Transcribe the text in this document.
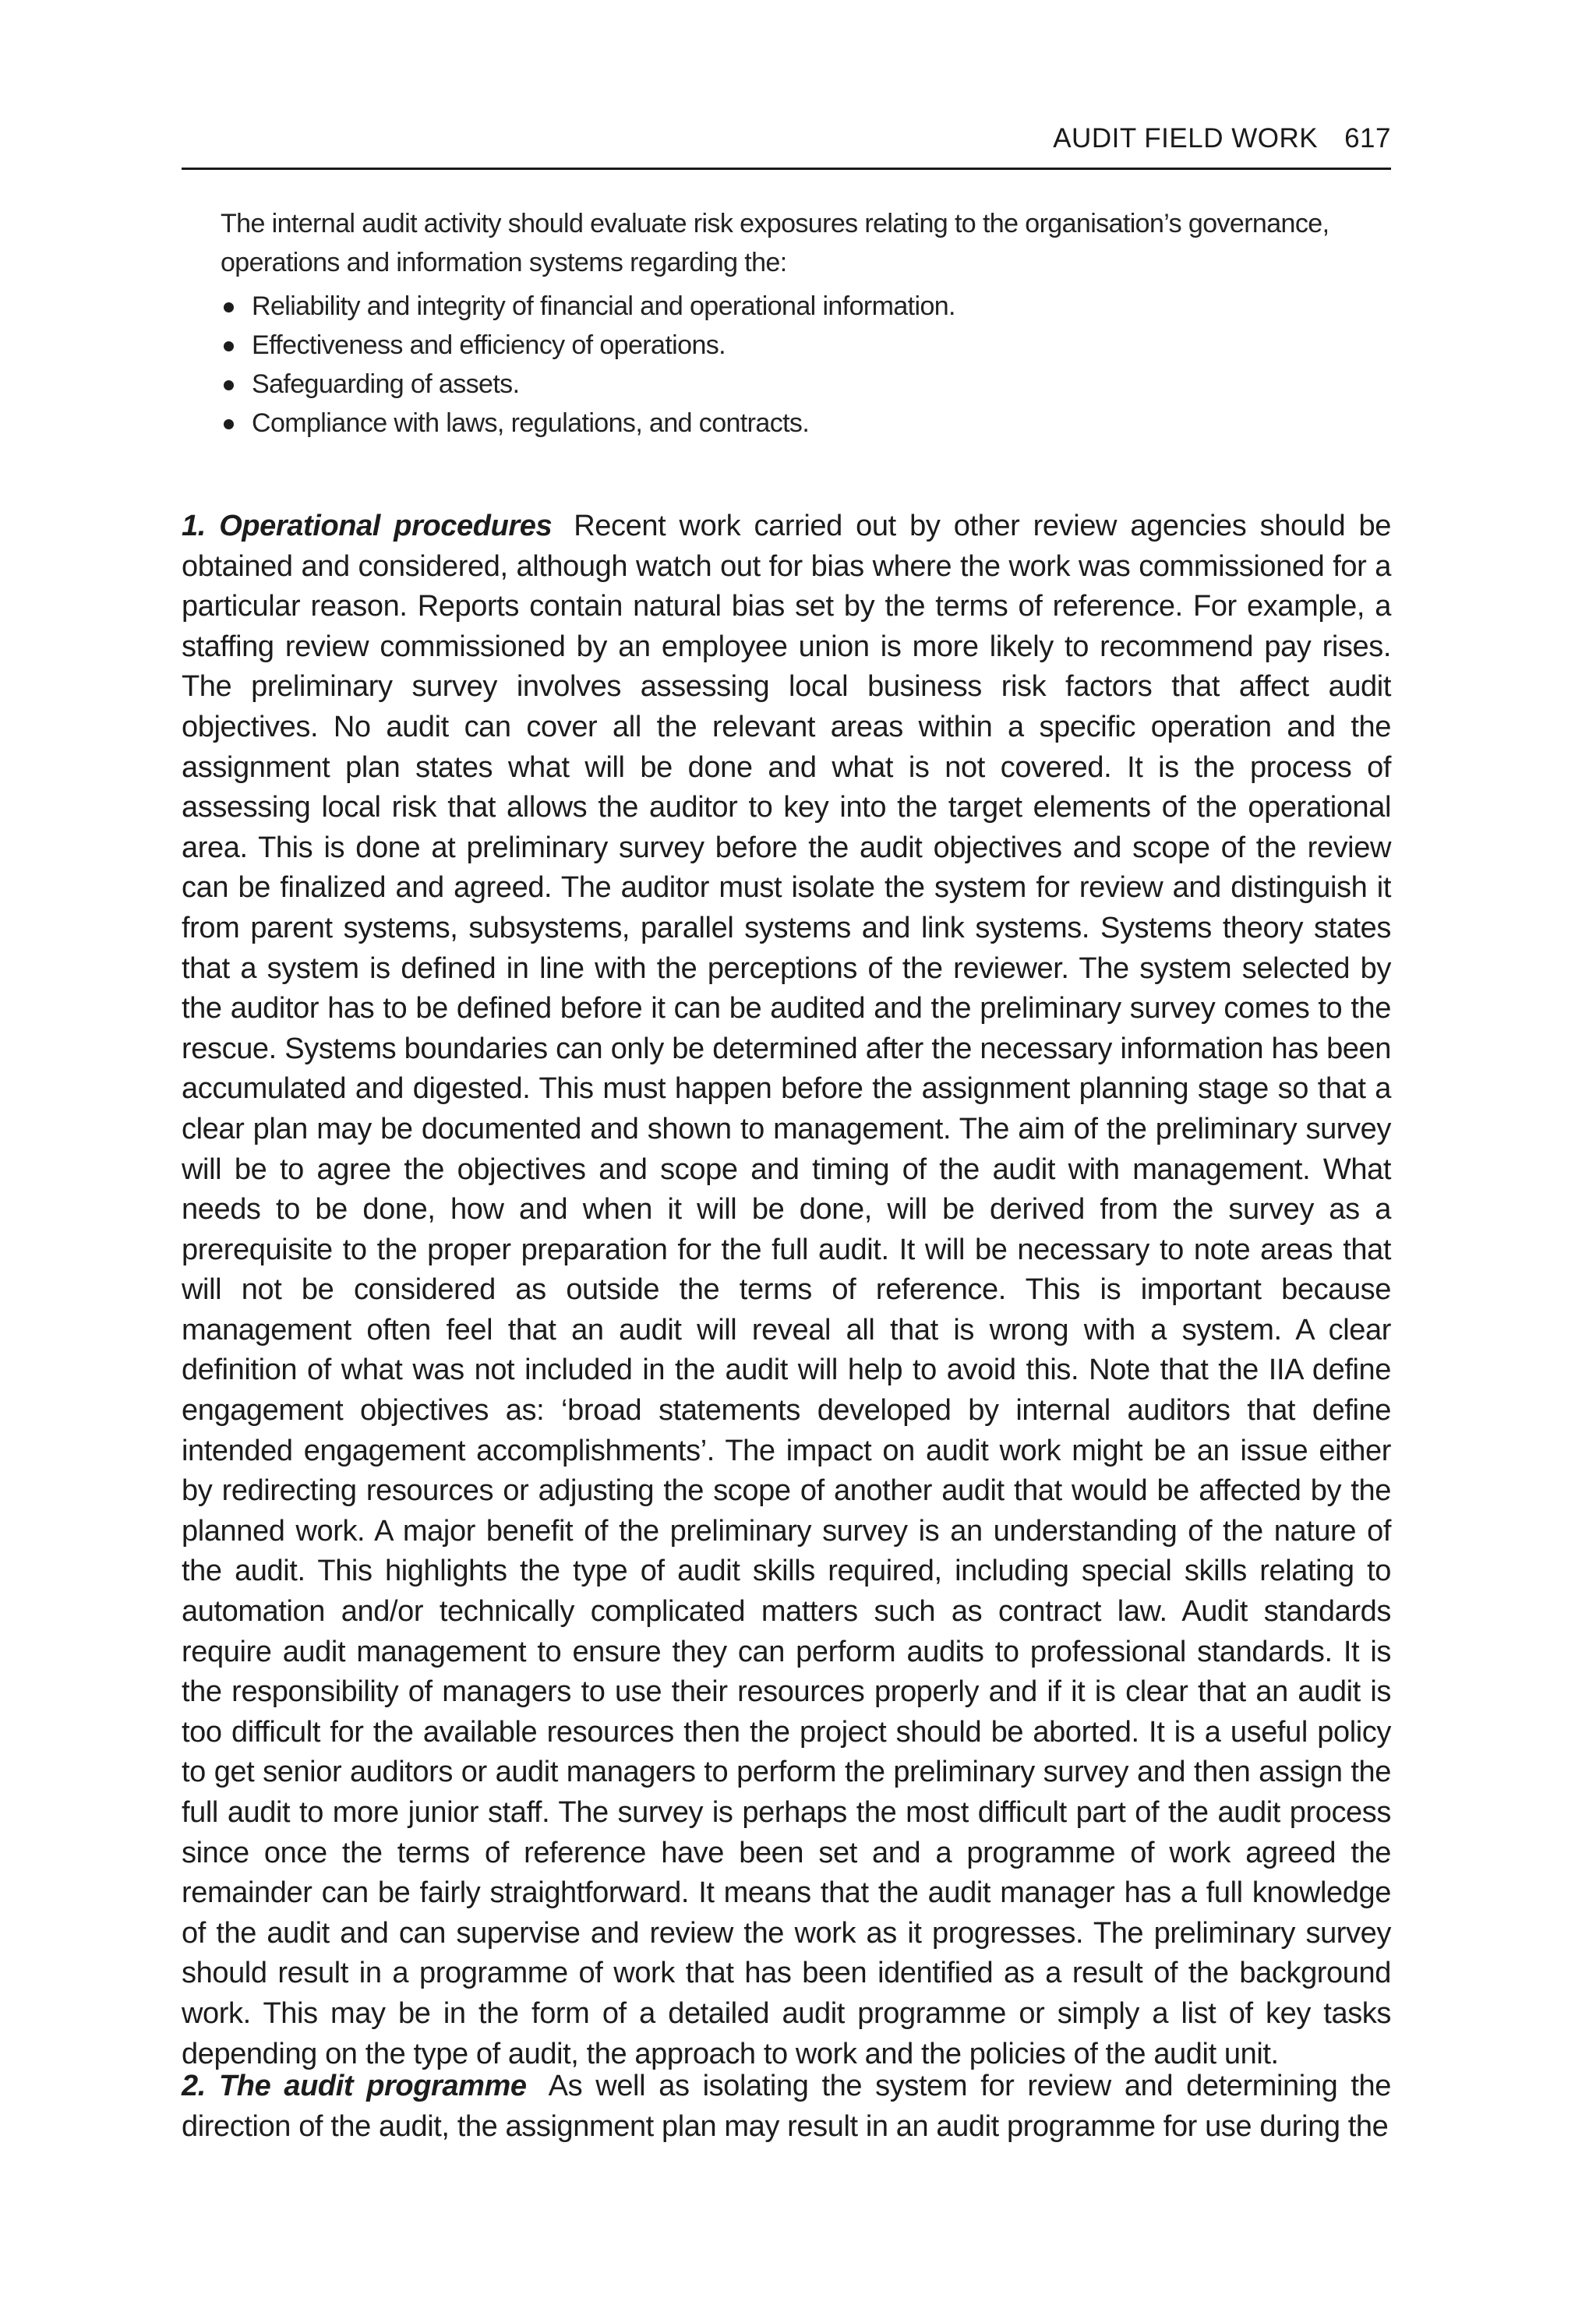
AUDIT FIELD WORK 617

The internal audit activity should evaluate risk exposures relating to the organisation’s governance, operations and information systems regarding the:

Reliability and integrity of financial and operational information.
Effectiveness and efficiency of operations.
Safeguarding of assets.
Compliance with laws, regulations, and contracts.

1. Operational procedures Recent work carried out by other review agencies should be obtained and considered, although watch out for bias where the work was commissioned for a particular reason. Reports contain natural bias set by the terms of reference. For example, a staffing review commissioned by an employee union is more likely to recommend pay rises. The preliminary survey involves assessing local business risk factors that affect audit objectives. No audit can cover all the relevant areas within a specific operation and the assignment plan states what will be done and what is not covered. It is the process of assessing local risk that allows the auditor to key into the target elements of the operational area. This is done at preliminary survey before the audit objectives and scope of the review can be finalized and agreed. The auditor must isolate the system for review and distinguish it from parent systems, subsystems, parallel systems and link systems. Systems theory states that a system is defined in line with the perceptions of the reviewer. The system selected by the auditor has to be defined before it can be audited and the preliminary survey comes to the rescue. Systems boundaries can only be determined after the necessary information has been accumulated and digested. This must happen before the assignment planning stage so that a clear plan may be documented and shown to management. The aim of the preliminary survey will be to agree the objectives and scope and timing of the audit with management. What needs to be done, how and when it will be done, will be derived from the survey as a prerequisite to the proper preparation for the full audit. It will be necessary to note areas that will not be considered as outside the terms of reference. This is important because management often feel that an audit will reveal all that is wrong with a system. A clear definition of what was not included in the audit will help to avoid this. Note that the IIA define engagement objectives as: ‘broad statements developed by internal auditors that define intended engagement accomplishments’. The impact on audit work might be an issue either by redirecting resources or adjusting the scope of another audit that would be affected by the planned work. A major benefit of the preliminary survey is an understanding of the nature of the audit. This highlights the type of audit skills required, including special skills relating to automation and/or technically complicated matters such as contract law. Audit standards require audit management to ensure they can perform audits to professional standards. It is the responsibility of managers to use their resources properly and if it is clear that an audit is too difficult for the available resources then the project should be aborted. It is a useful policy to get senior auditors or audit managers to perform the preliminary survey and then assign the full audit to more junior staff. The survey is perhaps the most difficult part of the audit process since once the terms of reference have been set and a programme of work agreed the remainder can be fairly straightforward. It means that the audit manager has a full knowledge of the audit and can supervise and review the work as it progresses. The preliminary survey should result in a programme of work that has been identified as a result of the background work. This may be in the form of a detailed audit programme or simply a list of key tasks depending on the type of audit, the approach to work and the policies of the audit unit.

2. The audit programme As well as isolating the system for review and determining the direction of the audit, the assignment plan may result in an audit programme for use during the
